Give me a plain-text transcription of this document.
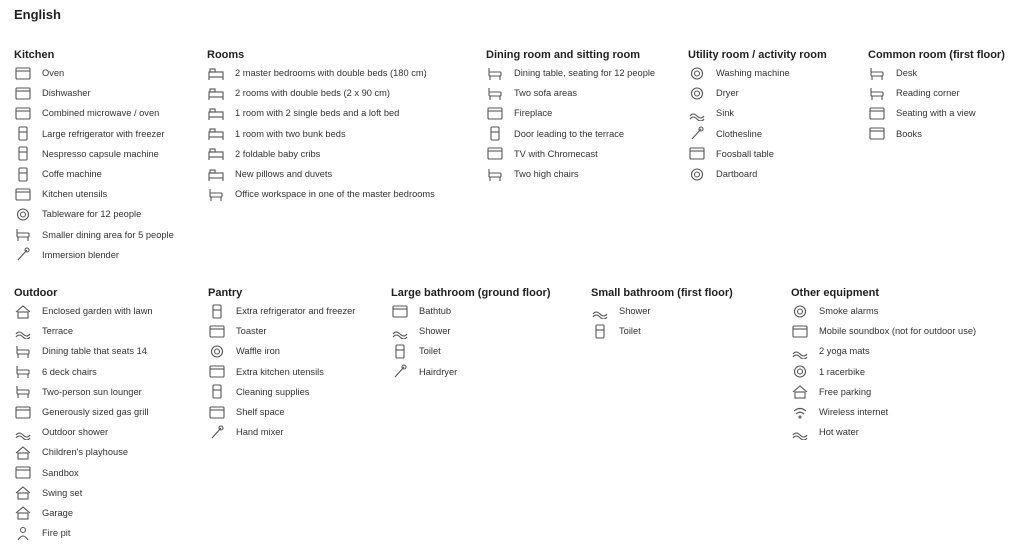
English
Kitchen
Oven
Dishwasher
Combined microwave / oven
Large refrigerator with freezer
Nespresso capsule machine
Coffe machine
Kitchen utensils
Tableware for 12 people
Smaller dining area for 5 people
Immersion blender
Rooms
2 master bedrooms with double beds (180 cm)
2 rooms with double beds (2 x 90 cm)
1 room with 2 single beds and a loft bed
1 room with two bunk beds
2 foldable baby cribs
New pillows and duvets
Office workspace in one of the master bedrooms
Dining room and sitting room
Dining table, seating for 12 people
Two sofa areas
Fireplace
Door leading to the terrace
TV with Chromecast
Two high chairs
Utility room / activity room
Washing machine
Dryer
Sink
Clothesline
Foosball table
Dartboard
Common room (first floor)
Desk
Reading corner
Seating with a view
Books
Outdoor
Enclosed garden with lawn
Terrace
Dining table that seats 14
6 deck chairs
Two-person sun lounger
Generously sized gas grill
Outdoor shower
Children's playhouse
Sandbox
Swing set
Garage
Fire pit
Pantry
Extra refrigerator and freezer
Toaster
Waffle iron
Extra kitchen utensils
Cleaning supplies
Shelf space
Hand mixer
Large bathroom (ground floor)
Bathtub
Shower
Toilet
Hairdryer
Small bathroom (first floor)
Shower
Toilet
Other equipment
Smoke alarms
Mobile soundbox (not for outdoor use)
2 yoga mats
1 racerbike
Free parking
Wireless internet
Hot water
